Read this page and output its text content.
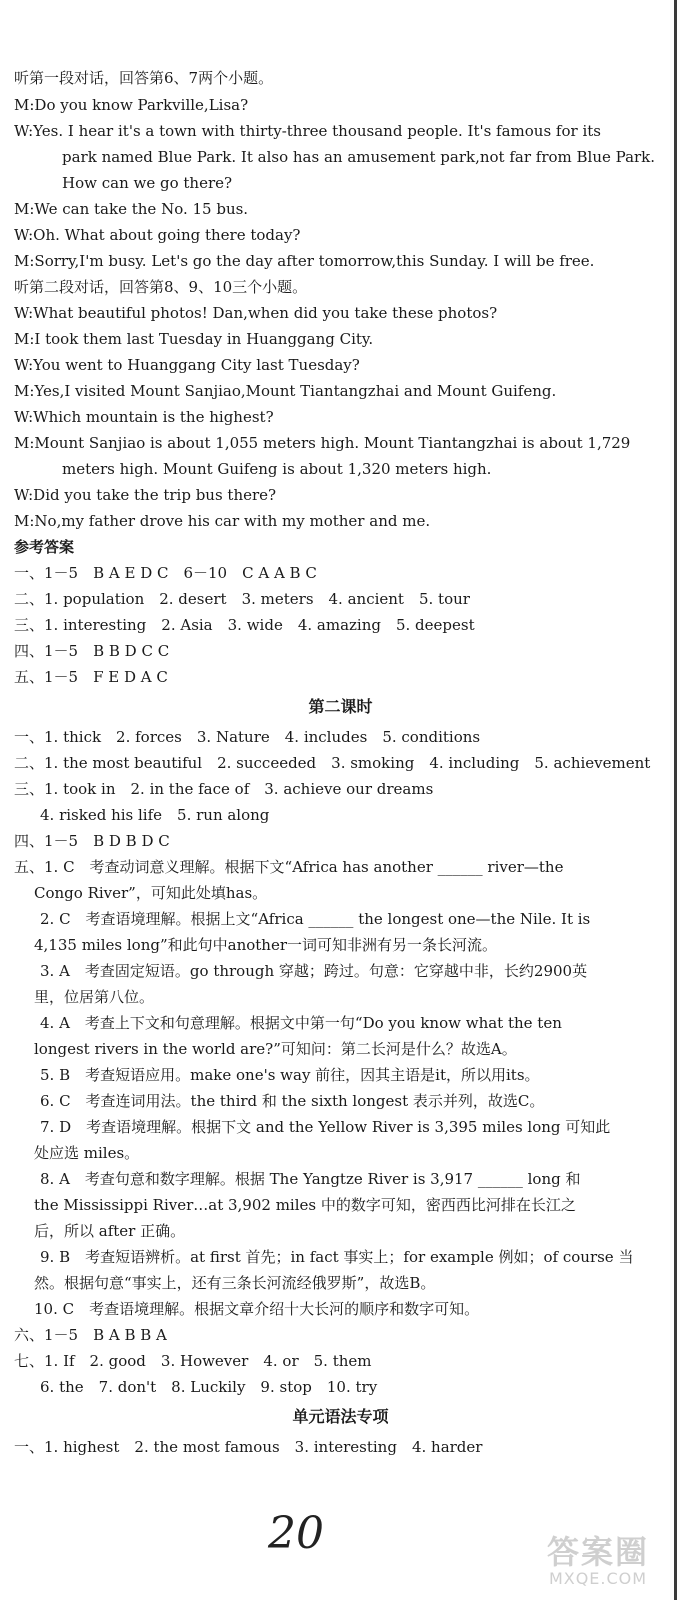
听第一段对话，回答第6、7两个小题。
M:Do you know Parkville,Lisa?
W:Yes. I hear it's a town with thirty-three thousand people. It's famous for its
park named Blue Park. It also has an amusement park,not far from Blue Park.
How can we go there?
M:We can take the No. 15 bus.
W:Oh. What about going there today?
M:Sorry,I'm busy. Let's go the day after tomorrow,this Sunday. I will be free.
听第二段对话，回答第8、9、10三个小题。
W:What beautiful photos! Dan,when did you take these photos?
M:I took them last Tuesday in Huanggang City.
W:You went to Huanggang City last Tuesday?
M:Yes,I visited Mount Sanjiao,Mount Tiantangzhai and Mount Guifeng.
W:Which mountain is the highest?
M:Mount Sanjiao is about 1,055 meters high. Mount Tiantangzhai is about 1,729
meters high. Mount Guifeng is about 1,320 meters high.
W:Did you take the trip bus there?
M:No,my father drove his car with my mother and me.
参考答案
一、1－5　B A E D C　6－10　C A A B C
二、1. population　2. desert　3. meters　4. ancient　5. tour
三、1. interesting　2. Asia　3. wide　4. amazing　5. deepest
四、1－5　B B D C C
五、1－5　F E D A C
第二课时
一、1. thick　2. forces　3. Nature　4. includes　5. conditions
二、1. the most beautiful　2. succeeded　3. smoking　4. including　5. achievement
三、1. took in　2. in the face of　3. achieve our dreams
4. risked his life　5. run along
四、1－5　B D B D C
五、1. C　考查动词意义理解。根据下文“Africa has another ______ river—the
Congo River”，可知此处填has。
2. C　考查语境理解。根据上文“Africa ______ the longest one—the Nile. It is
4,135 miles long”和此句中another一词可知非洲有另一条长河流。
3. A　考查固定短语。go through 穿越；跨过。句意：它穿越中非，长约2900英
里，位居第八位。
4. A　考查上下文和句意理解。根据文中第一句“Do you know what the ten
longest rivers in the world are?”可知问：第二长河是什么？故选A。
5. B　考查短语应用。make one's way 前往，因其主语是it，所以用its。
6. C　考查连词用法。the third 和 the sixth longest 表示并列，故选C。
7. D　考查语境理解。根据下文 and the Yellow River is 3,395 miles long 可知此
处应选 miles。
8. A　考查句意和数字理解。根据 The Yangtze River is 3,917 ______ long 和
the Mississippi River…at 3,902 miles 中的数字可知，密西西比河排在长江之
后，所以 after 正确。
9. B　考查短语辨析。at first 首先；in fact 事实上；for example 例如；of course 当
然。根据句意“事实上，还有三条长河流经俄罗斯”，故选B。
10. C　考查语境理解。根据文章介绍十大长河的顺序和数字可知。
六、1－5　B A B B A
七、1. If　2. good　3. However　4. or　5. them
6. the　7. don't　8. Luckily　9. stop　10. try
单元语法专项
一、1. highest　2. the most famous　3. interesting　4. harder
20	答案圈
MXQE.COM
